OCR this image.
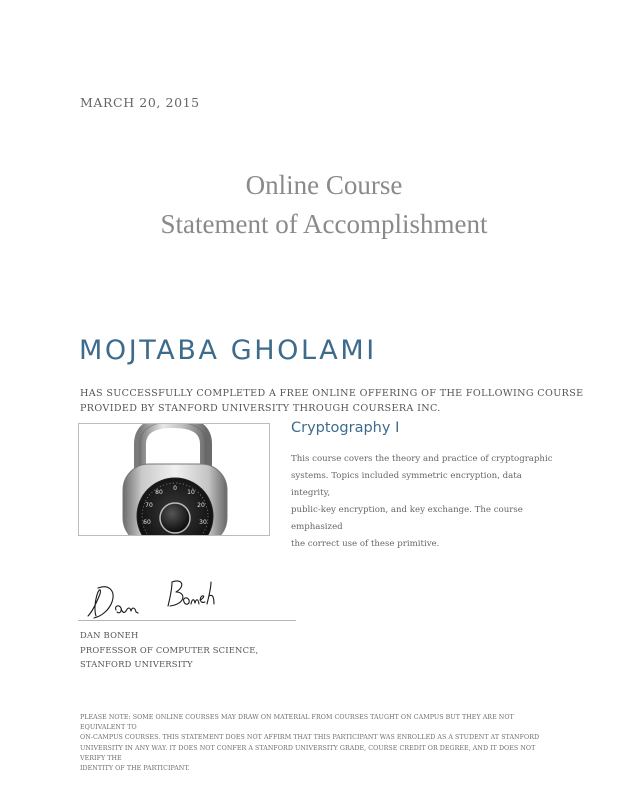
MARCH 20, 2015
Online Course
Statement of Accomplishment
MOJTABA GHOLAMI
HAS SUCCESSFULLY COMPLETED A FREE ONLINE OFFERING OF THE FOLLOWING COURSE
PROVIDED BY STANFORD UNIVERSITY THROUGH COURSERA INC.
0
10
20
80
70
60	30
Cryptography I
This course covers the theory and practice of cryptographic
systems. Topics included symmetric encryption, data integrity,
public-key encryption, and key exchange. The course emphasized
the correct use of these primitive.
DAN BONEH
PROFESSOR OF COMPUTER SCIENCE,
STANFORD UNIVERSITY
PLEASE NOTE: SOME ONLINE COURSES MAY DRAW ON MATERIAL FROM COURSES TAUGHT ON CAMPUS BUT THEY ARE NOT EQUIVALENT TO
ON-CAMPUS COURSES. THIS STATEMENT DOES NOT AFFIRM THAT THIS PARTICIPANT WAS ENROLLED AS A STUDENT AT STANFORD
UNIVERSITY IN ANY WAY. IT DOES NOT CONFER A STANFORD UNIVERSITY GRADE, COURSE CREDIT OR DEGREE, AND IT DOES NOT VERIFY THE
IDENTITY OF THE PARTICIPANT.
